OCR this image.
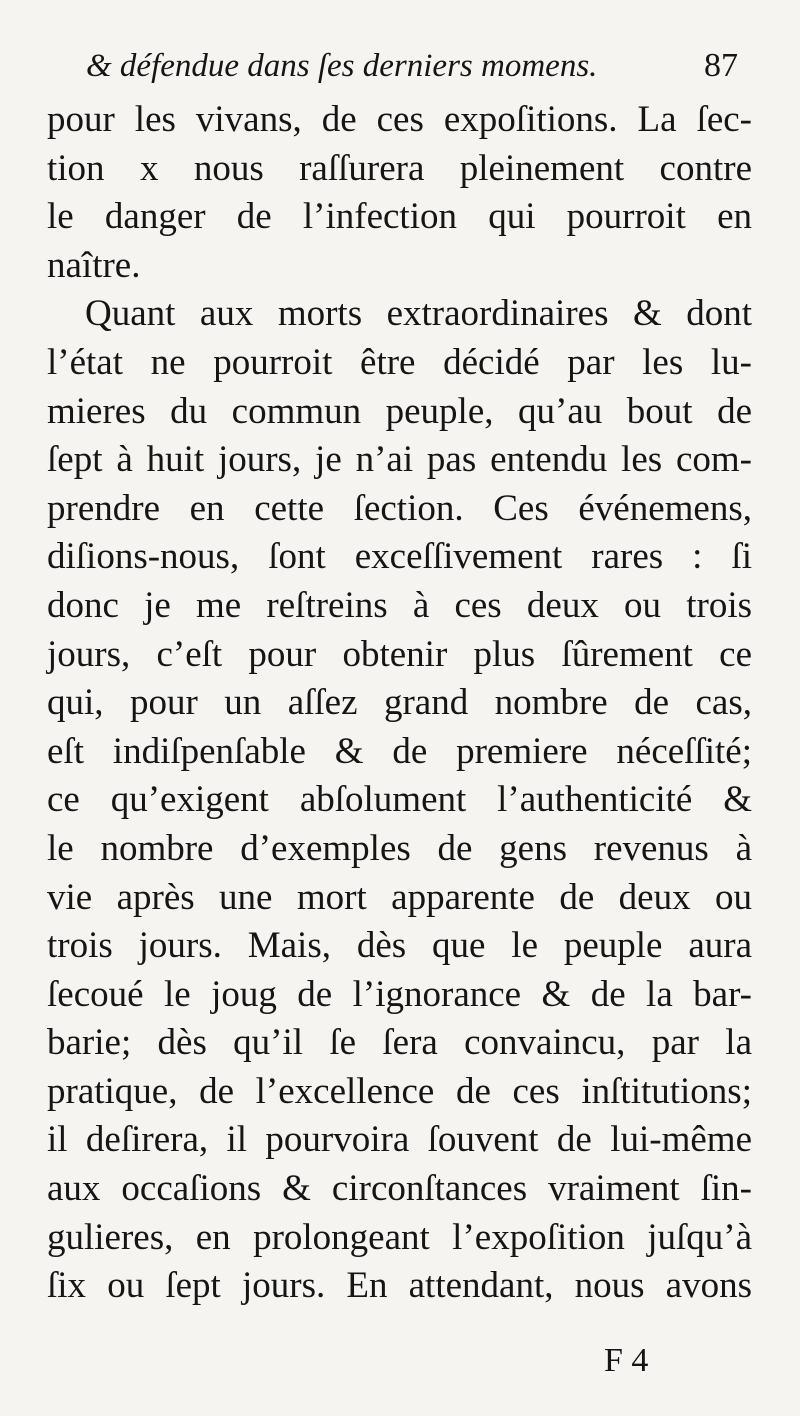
& défendue dans ſes derniers momens.	87
pour les vivans, de ces expoſitions. La ſec-
tion x nous raſſurera pleinement contre
le danger de l’infection qui pourroit en
naître.
Quant aux morts extraordinaires & dont
l’état ne pourroit être décidé par les lu-
mieres du commun peuple, qu’au bout de
ſept à huit jours, je n’ai pas entendu les com-
prendre en cette ſection. Ces événemens,
diſions-nous, ſont exceſſivement rares : ſi
donc je me reſtreins à ces deux ou trois
jours, c’eſt pour obtenir plus ſûrement ce
qui, pour un aſſez grand nombre de cas,
eſt indiſpenſable & de premiere néceſſité;
ce qu’exigent abſolument l’authenticité &
le nombre d’exemples de gens revenus à
vie après une mort apparente de deux ou
trois jours. Mais, dès que le peuple aura
ſecoué le joug de l’ignorance & de la bar-
barie; dès qu’il ſe ſera convaincu, par la
pratique, de l’excellence de ces inſtitutions;
il deſirera, il pourvoira ſouvent de lui-même
aux occaſions & circonſtances vraiment ſin-
gulieres, en prolongeant l’expoſition juſqu’à
ſix ou ſept jours. En attendant, nous avons
F 4
